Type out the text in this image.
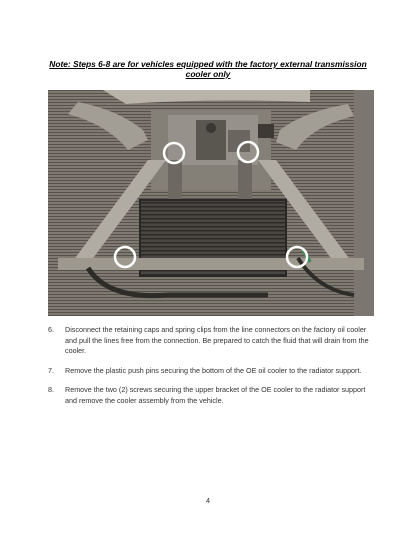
Note: Steps 6-8 are for vehicles equipped with the factory external transmission cooler only
6. Disconnect the retaining caps and spring clips from the line connectors on the factory oil cooler and pull the lines free from the connection. Be prepared to catch the fluid that will drain from the cooler.
7. Remove the plastic push pins securing the bottom of the OE oil cooler to the radiator support.
8. Remove the two (2) screws securing the upper bracket of the OE cooler to the radiator support and remove the cooler assembly from the vehicle.
4
